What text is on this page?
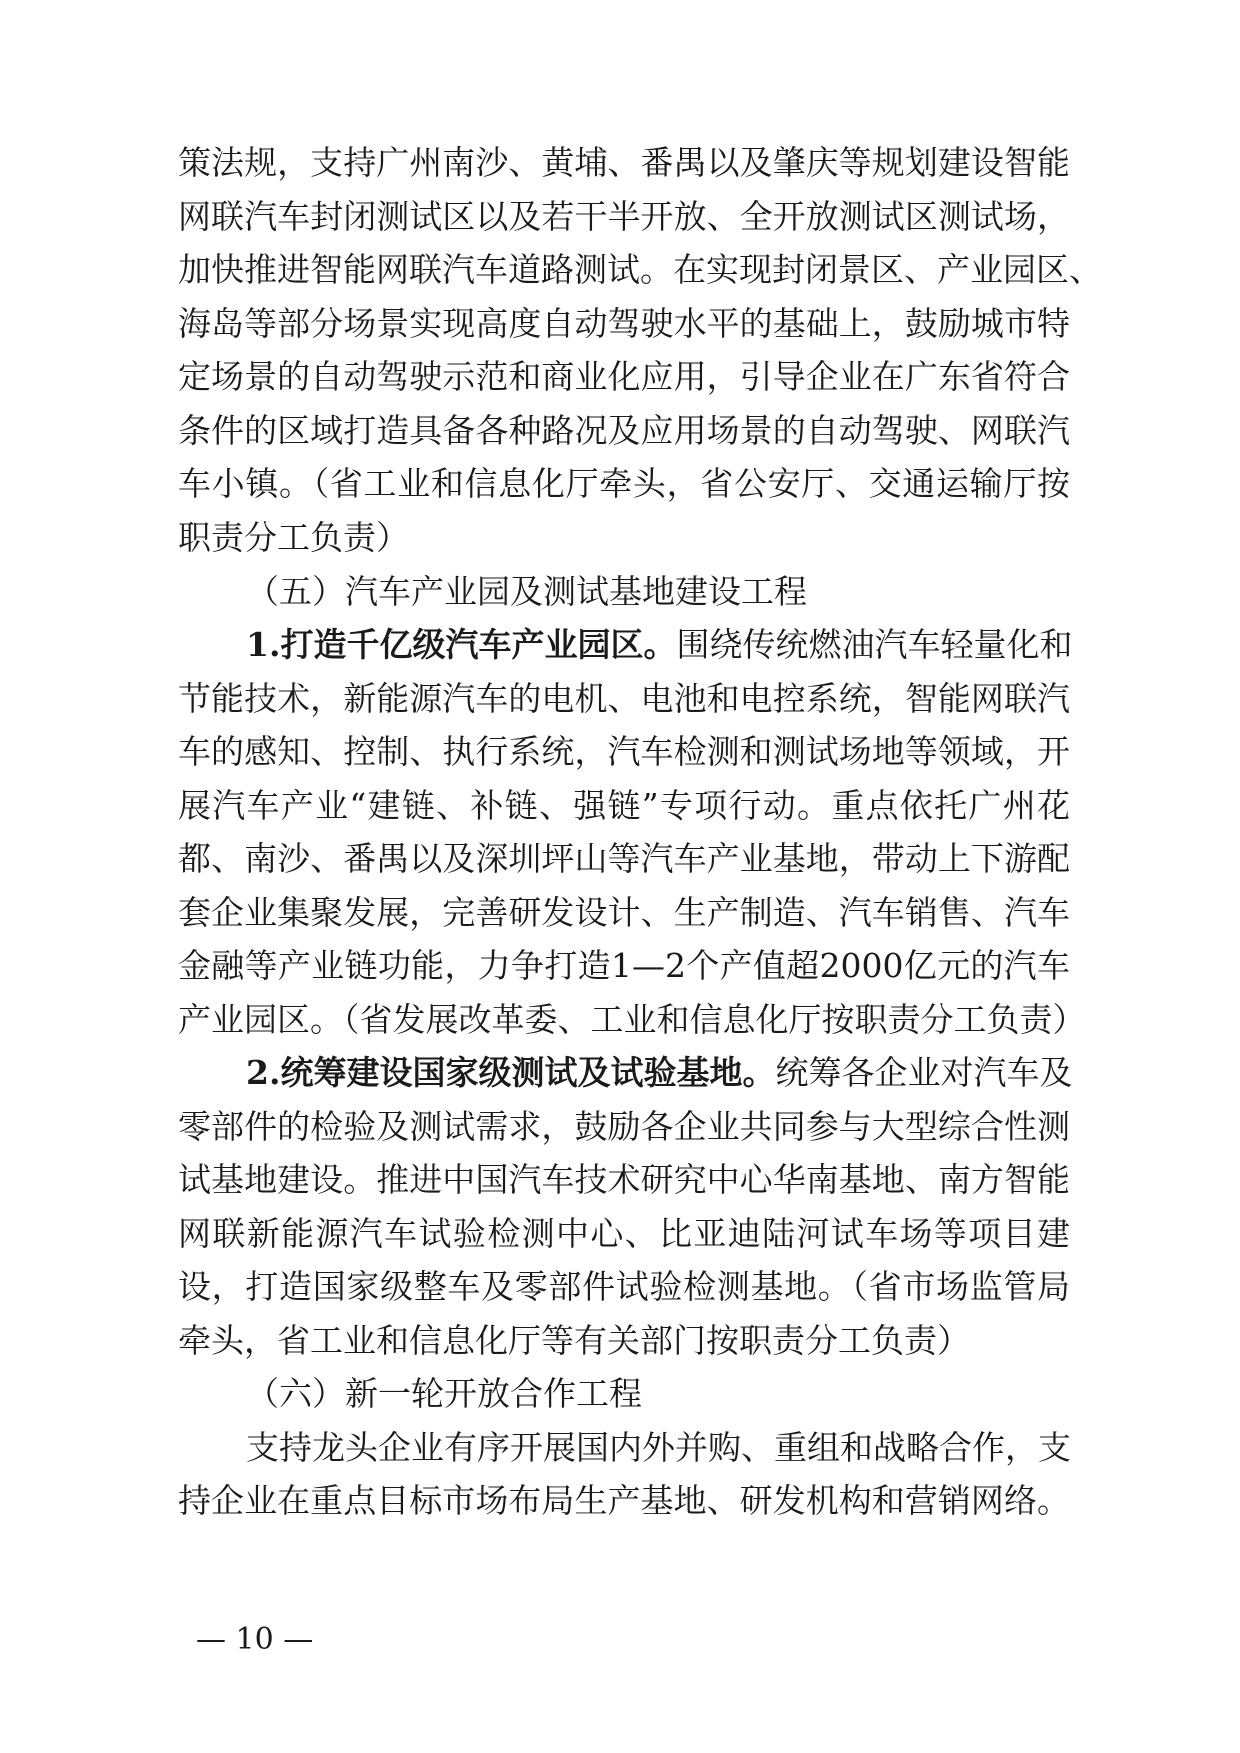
策法规，支持广州南沙、黄埔、番禺以及肇庆等规划建设智能
网联汽车封闭测试区以及若干半开放、全开放测试区测试场，
加快推进智能网联汽车道路测试。在实现封闭景区、产业园区、
海岛等部分场景实现高度自动驾驶水平的基础上，鼓励城市特
定场景的自动驾驶示范和商业化应用，引导企业在广东省符合
条件的区域打造具备各种路况及应用场景的自动驾驶、网联汽
车小镇。（省工业和信息化厅牵头，省公安厅、交通运输厅按
职责分工负责）
（五）汽车产业园及测试基地建设工程
1.打造千亿级汽车产业园区。围绕传统燃油汽车轻量化和
节能技术，新能源汽车的电机、电池和电控系统，智能网联汽
车的感知、控制、执行系统，汽车检测和测试场地等领域，开
展汽车产业“建链、补链、强链”专项行动。重点依托广州花
都、南沙、番禺以及深圳坪山等汽车产业基地，带动上下游配
套企业集聚发展，完善研发设计、生产制造、汽车销售、汽车
金融等产业链功能，力争打造1—2个产值超2000亿元的汽车
产业园区。（省发展改革委、工业和信息化厅按职责分工负责）
2.统筹建设国家级测试及试验基地。统筹各企业对汽车及
零部件的检验及测试需求，鼓励各企业共同参与大型综合性测
试基地建设。推进中国汽车技术研究中心华南基地、南方智能
网联新能源汽车试验检测中心、比亚迪陆河试车场等项目建
设，打造国家级整车及零部件试验检测基地。（省市场监管局
牵头，省工业和信息化厅等有关部门按职责分工负责）
（六）新一轮开放合作工程
支持龙头企业有序开展国内外并购、重组和战略合作，支
持企业在重点目标市场布局生产基地、研发机构和营销网络。
— 10 —
